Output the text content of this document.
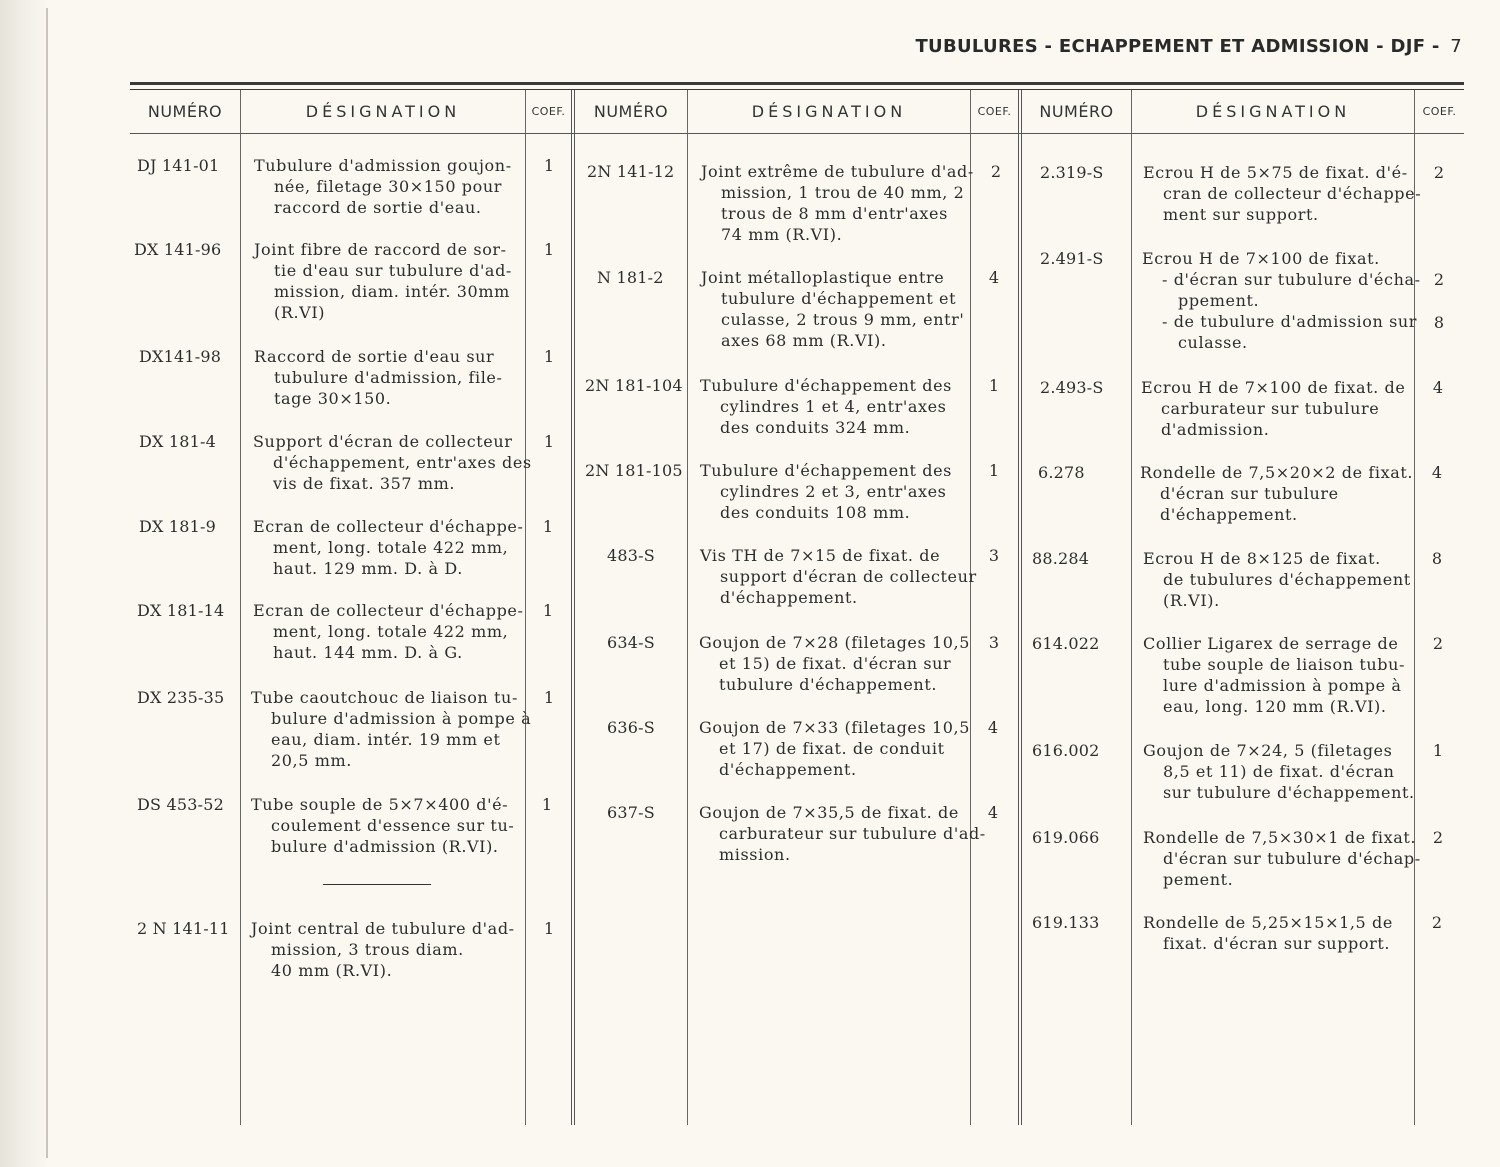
TUBULURES - ECHAPPEMENT ET ADMISSION - DJF - 7
NUMÉRO	DÉSIGNATION	COEF.	NUMÉRO	DÉSIGNATION	COEF.	NUMÉRO	DÉSIGNATION	COEF.
DJ 141-01 Tubulure d'admission goujon-
née, filetage 30×150 pour
raccord de sortie d'eau.
1
DX 141-96 Joint fibre de raccord de sor-
tie d'eau sur tubulure d'ad-
mission, diam. intér. 30mm
(R.VI)
1
DX141-98 Raccord de sortie d'eau sur
tubulure d'admission, file-
tage 30×150.
1
DX 181-4 Support d'écran de collecteur
d'échappement, entr'axes des
vis de fixat. 357 mm.
1
DX 181-9 Ecran de collecteur d'échappe-
ment, long. totale 422 mm,
haut. 129 mm. D. à D.
1
DX 181-14 Ecran de collecteur d'échappe-
ment, long. totale 422 mm,
haut. 144 mm. D. à G.
1
DX 235-35 Tube caoutchouc de liaison tu-
bulure d'admission à pompe à
eau, diam. intér. 19 mm et
20,5 mm.
1
DS 453-52 Tube souple de 5×7×400 d'é-
coulement d'essence sur tu-
bulure d'admission (R.VI).
1
2 N 141-11 Joint central de tubulure d'ad-
mission, 3 trous diam.
40 mm (R.VI).
1
2N 141-12 Joint extrême de tubulure d'ad-
mission, 1 trou de 40 mm, 2
trous de 8 mm d'entr'axes
74 mm (R.VI).
2
N 181-2 Joint métalloplastique entre
tubulure d'échappement et
culasse, 2 trous 9 mm, entr'
axes 68 mm (R.VI).
4
2N 181-104 Tubulure d'échappement des
cylindres 1 et 4, entr'axes
des conduits 324 mm.
1
2N 181-105 Tubulure d'échappement des
cylindres 2 et 3, entr'axes
des conduits 108 mm.
1
483-S	Vis TH de 7×15 de fixat. de
support d'écran de collecteur
d'échappement.
3
634-S	Goujon de 7×28 (filetages 10,5
et 15) de fixat. d'écran sur
tubulure d'échappement.
3
636-S	Goujon de 7×33 (filetages 10,5
et 17) de fixat. de conduit
d'échappement.
4
637-S	Goujon de 7×35,5 de fixat. de
carburateur sur tubulure d'ad-
mission.
4
2.319-S Ecrou H de 5×75 de fixat. d'é-
cran de collecteur d'échappe-
ment sur support.
2
2.491-S Ecrou H de 7×100 de fixat.
- d'écran sur tubulure d'écha-
ppement.
- de tubulure d'admission sur
culasse.
2
8
2.493-S Ecrou H de 7×100 de fixat. de
carburateur sur tubulure
d'admission.
4
6.278	Rondelle de 7,5×20×2 de fixat.
d'écran sur tubulure
d'échappement.
4
88.284	Ecrou H de 8×125 de fixat.
de tubulures d'échappement
(R.VI).
8
614.022	Collier Ligarex de serrage de
tube souple de liaison tubu-
lure d'admission à pompe à
eau, long. 120 mm (R.VI).
2
616.002	Goujon de 7×24, 5 (filetages
8,5 et 11) de fixat. d'écran
sur tubulure d'échappement.
1
619.066	Rondelle de 7,5×30×1 de fixat.
d'écran sur tubulure d'échap-
pement.
2
619.133	Rondelle de 5,25×15×1,5 de
fixat. d'écran sur support.
2
